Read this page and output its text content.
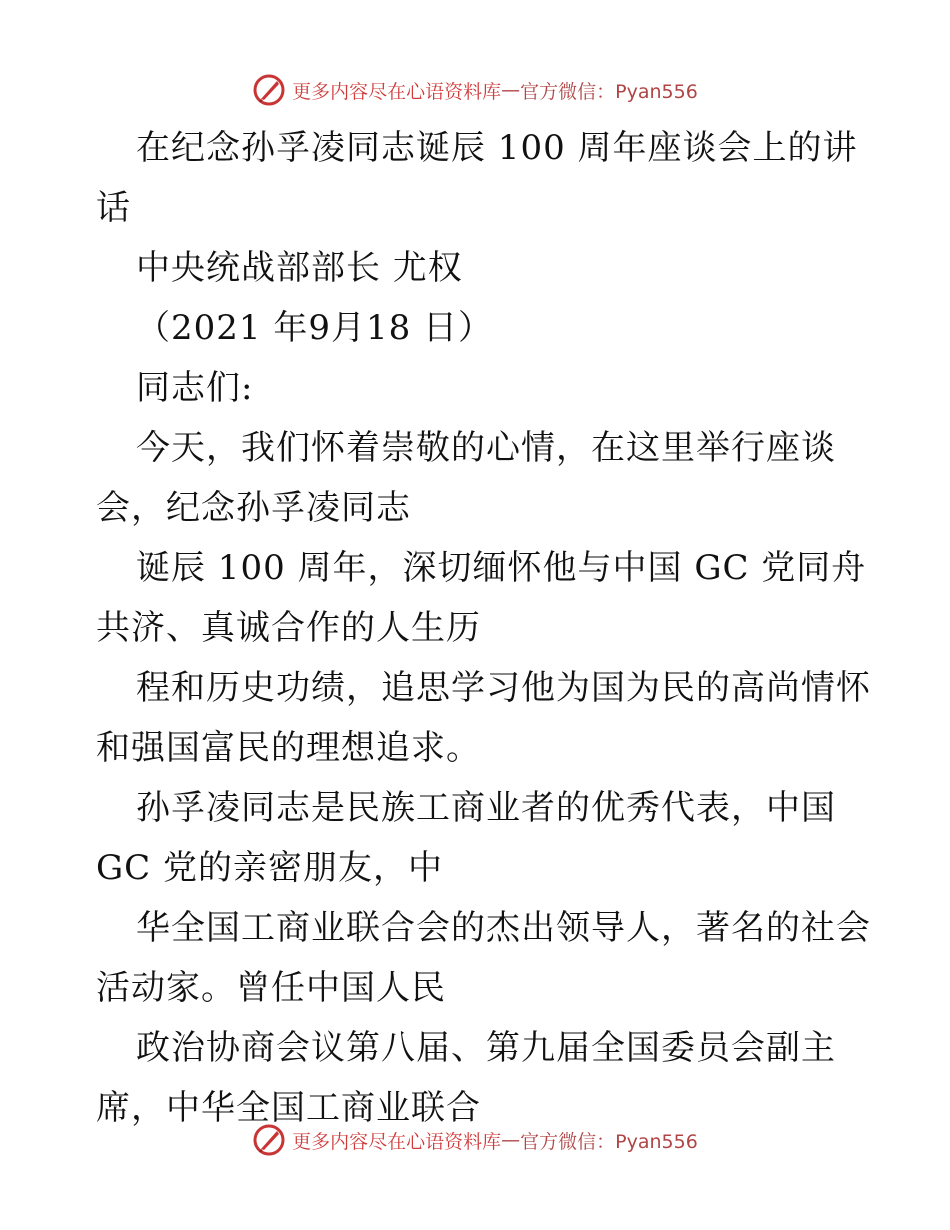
更多内容尽在心语资料库 — 官方微信：Pyan556
在纪念孙孚凌同志诞辰 100 周年座谈会上的讲
话
中央统战部部长 尤权
（2021 年9月18 日）
同志们:
今天，我们怀着崇敬的心情，在这里举行座谈
会，纪念孙孚凌同志
诞辰 100 周年，深切缅怀他与中国 GC 党同舟
共济、真诚合作的人生历
程和历史功绩，追思学习他为国为民的高尚情怀
和强国富民的理想追求。
孙孚凌同志是民族工商业者的优秀代表，中国
GC 党的亲密朋友，中
华全国工商业联合会的杰出领导人，著名的社会
活动家。曾任中国人民
政治协商会议第八届、第九届全国委员会副主
席，中华全国工商业联合
更多内容尽在心语资料库 — 官方微信：Pyan556
